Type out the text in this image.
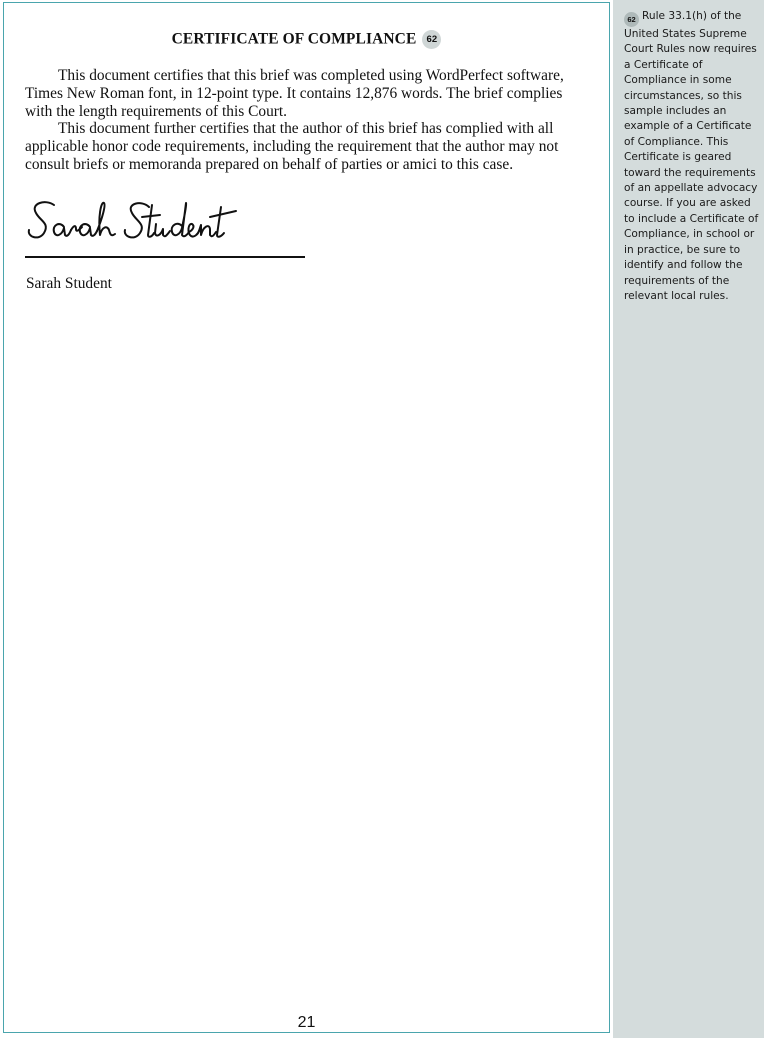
CERTIFICATE OF COMPLIANCE 62

This document certifies that this brief was completed using WordPerfect software, Times New Roman font, in 12-point type. It contains 12,876 words. The brief complies with the length requirements of this Court.

This document further certifies that the author of this brief has complied with all applicable honor code requirements, including the requirement that the author may not consult briefs or memoranda prepared on behalf of parties or amici to this case.

Sarah Student
21
62 Rule 33.1(h) of the United States Supreme Court Rules now requires a Certificate of Compliance in some circumstances, so this sample includes an example of a Certificate of Compliance. This Certificate is geared toward the requirements of an appellate advocacy course. If you are asked to include a Certificate of Compliance, in school or in practice, be sure to identify and follow the requirements of the relevant local rules.
